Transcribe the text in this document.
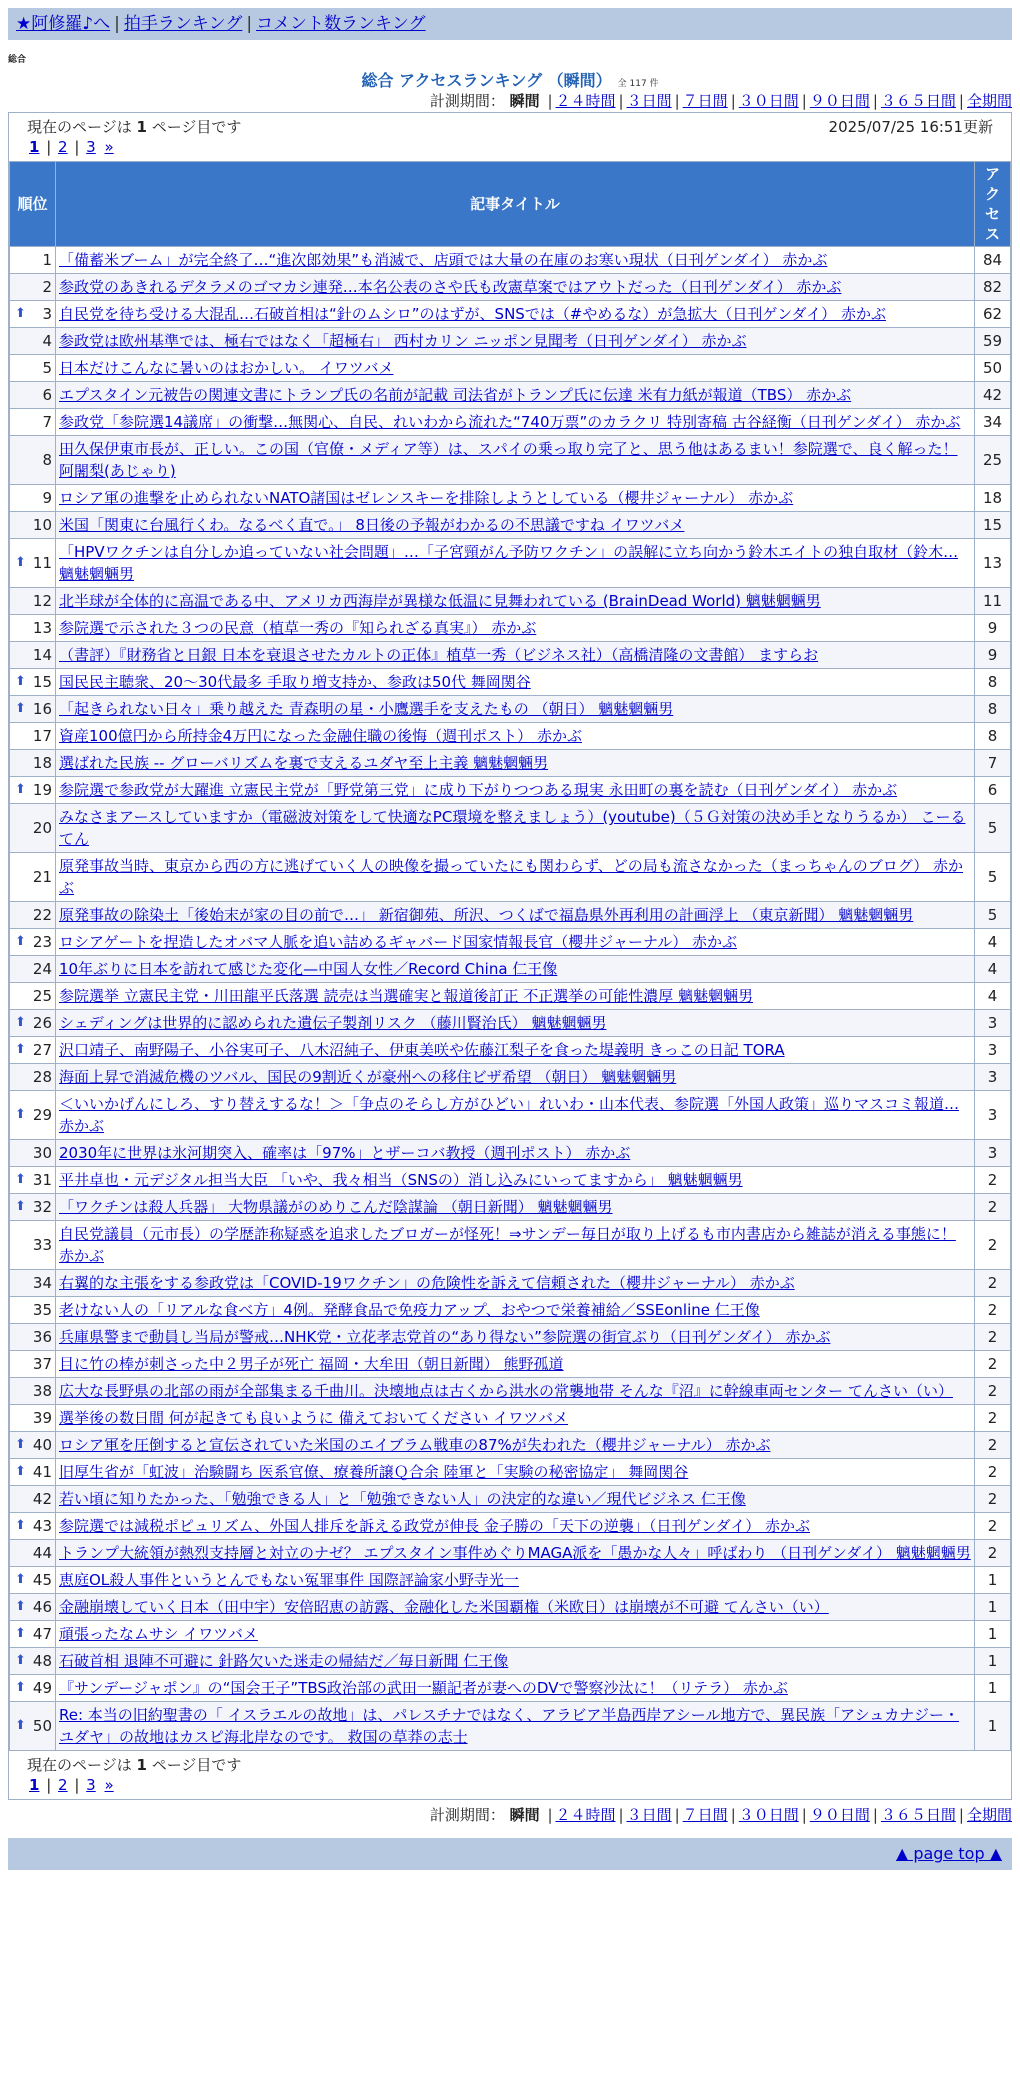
★阿修羅♪へ | 拍手ランキング | コメント数ランキング
総合
総合 アクセスランキング （瞬間） 全 117 件
計測期間： 瞬間 | ２４時間 | ３日間 | ７日間 | ３０日間 | ９０日間 | ３６５日間 | 全期間
現在のページは 1 ページ目です	2025/07/25 16:51更新
1 | 2 | 3 »
順位	記事タイトル	アクセス
1	「備蓄米ブーム」が完全終了…“進次郎効果”も消滅で、店頭では大量の在庫のお寒い現状（日刊ゲンダイ） 赤かぶ	84
2	参政党のあきれるデタラメのゴマカシ連発…本名公表のさや氏も改憲草案ではアウトだった（日刊ゲンダイ） 赤かぶ	82

⬆ 3	自民党を待ち受ける大混乱…石破首相は“針のムシロ”のはずが、SNSでは（#やめるな）が急拡大（日刊ゲンダイ） 赤かぶ	62
4	参政党は欧州基準では、極右ではなく「超極右」 西村カリン ニッポン見聞考（日刊ゲンダイ） 赤かぶ	59
5	日本だけこんなに暑いのはおかしい。 イワツバメ	50
6	エプスタイン元被告の関連文書にトランプ氏の名前が記載 司法省がトランプ氏に伝達 米有力紙が報道（TBS） 赤かぶ	42
7	参政党「参院選14議席」の衝撃…無関心、自民、れいわから流れた“740万票”のカラクリ 特別寄稿 古谷経衡（日刊ゲンダイ） 赤かぶ	34
8	田久保伊東市長が、正しい。この国（官僚・メディア等）は、スパイの乗っ取り完了と、思う他はあるまい！参院選で、良く解った！ 阿闍梨(あじゃり)	25
9	ロシア軍の進撃を止められないNATO諸国はゼレンスキーを排除しようとしている（櫻井ジャーナル） 赤かぶ	18
10	米国「関東に台風行くわ。なるべく直で。」 8日後の予報がわかるの不思議ですね イワツバメ	15

⬆ 11	「HPVワクチンは自分しか追っていない社会問題」…「子宮頸がん予防ワクチン」の誤解に立ち向かう鈴木エイトの独自取材（鈴木… 魑魅魍魎男	13
12	北半球が全体的に高温である中、アメリカ西海岸が異様な低温に見舞われている (BrainDead World) 魑魅魍魎男	11
13	参院選で示された３つの民意（植草一秀の『知られざる真実』） 赤かぶ	9
14	（書評）『財務省と日銀 日本を衰退させたカルトの正体』植草一秀（ビジネス社）（高橋清隆の文書館） ますらお	9

⬆ 15	国民民主聴衆、20～30代最多 手取り増支持か、参政は50代 舞岡関谷	8

⬆ 16	「起きられない日々」乗り越えた 青森明の星・小鷹選手を支えたもの （朝日） 魑魅魍魎男	8
17	資産100億円から所持金4万円になった金融住職の後悔（週刊ポスト） 赤かぶ	8
18	選ばれた民族 -- グローバリズムを裏で支えるユダヤ至上主義 魑魅魍魎男	7

⬆ 19	参院選で参政党が大躍進 立憲民主党が「野党第三党」に成り下がりつつある現実 永田町の裏を読む（日刊ゲンダイ） 赤かぶ	6
20	みなさまアースしていますか（電磁波対策をして快適なPC環境を整えましょう）(youtube)（５Ｇ対策の決め手となりうるか） こーるてん	5
21	原発事故当時、東京から西の方に逃げていく人の映像を撮っていたにも関わらず、どの局も流さなかった（まっちゃんのブログ） 赤かぶ	5
22	原発事故の除染土「後始末が家の目の前で…」 新宿御苑、所沢、つくばで福島県外再利用の計画浮上 （東京新聞） 魑魅魍魎男	5

⬆ 23	ロシアゲートを捏造したオバマ人脈を追い詰めるギャバード国家情報長官（櫻井ジャーナル） 赤かぶ	4
24	10年ぶりに日本を訪れて感じた変化—中国人女性／Record China 仁王像	4
25	参院選挙 立憲民主党・川田龍平氏落選 読売は当選確実と報道後訂正 不正選挙の可能性濃厚 魑魅魍魎男	4

⬆ 26	シェディングは世界的に認められた遺伝子製剤リスク （藤川賢治氏） 魑魅魍魎男	3

⬆ 27	沢口靖子、南野陽子、小谷実可子、八木沼純子、伊東美咲や佐藤江梨子を食った堤義明 きっこの日記 TORA	3
28	海面上昇で消滅危機のツバル、国民の9割近くが豪州への移住ビザ希望 （朝日） 魑魅魍魎男	3

⬆ 29	＜いいかげんにしろ、すり替えするな！＞「争点のそらし方がひどい」れいわ・山本代表、参院選「外国人政策」巡りマスコミ報道… 赤かぶ	3
30	2030年に世界は氷河期突入、確率は「97%」とザーコバ教授（週刊ポスト） 赤かぶ	3

⬆ 31	平井卓也・元デジタル担当大臣 「いや、我々相当（SNSの）消し込みにいってますから」 魑魅魍魎男	2

⬆ 32	「ワクチンは殺人兵器」 大物県議がのめりこんだ陰謀論 （朝日新聞） 魑魅魍魎男	2
33	自民党議員（元市長）の学歴詐称疑惑を追求したブロガーが怪死！⇒サンデー毎日が取り上げるも市内書店から雑誌が消える事態に！ 赤かぶ	2
34	右翼的な主張をする参政党は「COVID-19ワクチン」の危険性を訴えて信頼された（櫻井ジャーナル） 赤かぶ	2
35	老けない人の「リアルな食べ方」4例。発酵食品で免疫力アップ、おやつで栄養補給／SSEonline 仁王像	2
36	兵庫県警まで動員し当局が警戒…NHK党・立花孝志党首の“あり得ない”参院選の街宣ぶり（日刊ゲンダイ） 赤かぶ	2
37	目に竹の棒が刺さった中２男子が死亡 福岡・大牟田（朝日新聞） 熊野孤道	2
38	広大な長野県の北部の雨が全部集まる千曲川。決壊地点は古くから洪水の常襲地帯 そんな『沼』に幹線車両センター てんさい（い）	2
39	選挙後の数日間 何が起きても良いように 備えておいてください イワツバメ	2

⬆ 40	ロシア軍を圧倒すると宣伝されていた米国のエイブラム戦車の87%が失われた（櫻井ジャーナル） 赤かぶ	2

⬆ 41	旧厚生省が「虹波」治験闘ち 医系官僚、療養所譲Ｑ合余 陸軍と「実験の秘密協定」 舞岡関谷	2
42	若い頃に知りたかった、「勉強できる人」と「勉強できない人」の決定的な違い／現代ビジネス 仁王像	2

⬆ 43	参院選では減税ポピュリズム、外国人排斥を訴える政党が伸長 金子勝の「天下の逆襲」（日刊ゲンダイ） 赤かぶ	2
44	トランプ大統領が熱烈支持層と対立のナゼ？ エプスタイン事件めぐりMAGA派を「愚かな人々」呼ばわり （日刊ゲンダイ） 魑魅魍魎男	2

⬆ 45	恵庭OL殺人事件というとんでもない冤罪事件 国際評論家小野寺光一	1

⬆ 46	金融崩壊していく日本（田中宇）安倍昭恵の訪露、金融化した米国覇権（米欧日）は崩壊が不可避 てんさい（い）	1

⬆ 47	頑張ったなムサシ イワツバメ	1

⬆ 48	石破首相 退陣不可避に 針路欠いた迷走の帰結だ／毎日新聞 仁王像	1

⬆ 49	『サンデージャポン』の“国会王子”TBS政治部の武田一顯記者が妻へのDVで警察沙汰に！（リテラ） 赤かぶ	1

⬆ 50	Re: 本当の旧約聖書の「 イスラエルの故地」は、パレスチナではなく、アラビア半島西岸アシール地方で、異民族「アシュカナジー・ユダヤ」の故地はカスピ海北岸なのです。 救国の草莽の志士	1
現在のページは 1 ページ目です
1 | 2 | 3 »
計測期間： 瞬間 | ２４時間 | ３日間 | ７日間 | ３０日間 | ９０日間 | ３６５日間 | 全期間
▲ page top ▲
